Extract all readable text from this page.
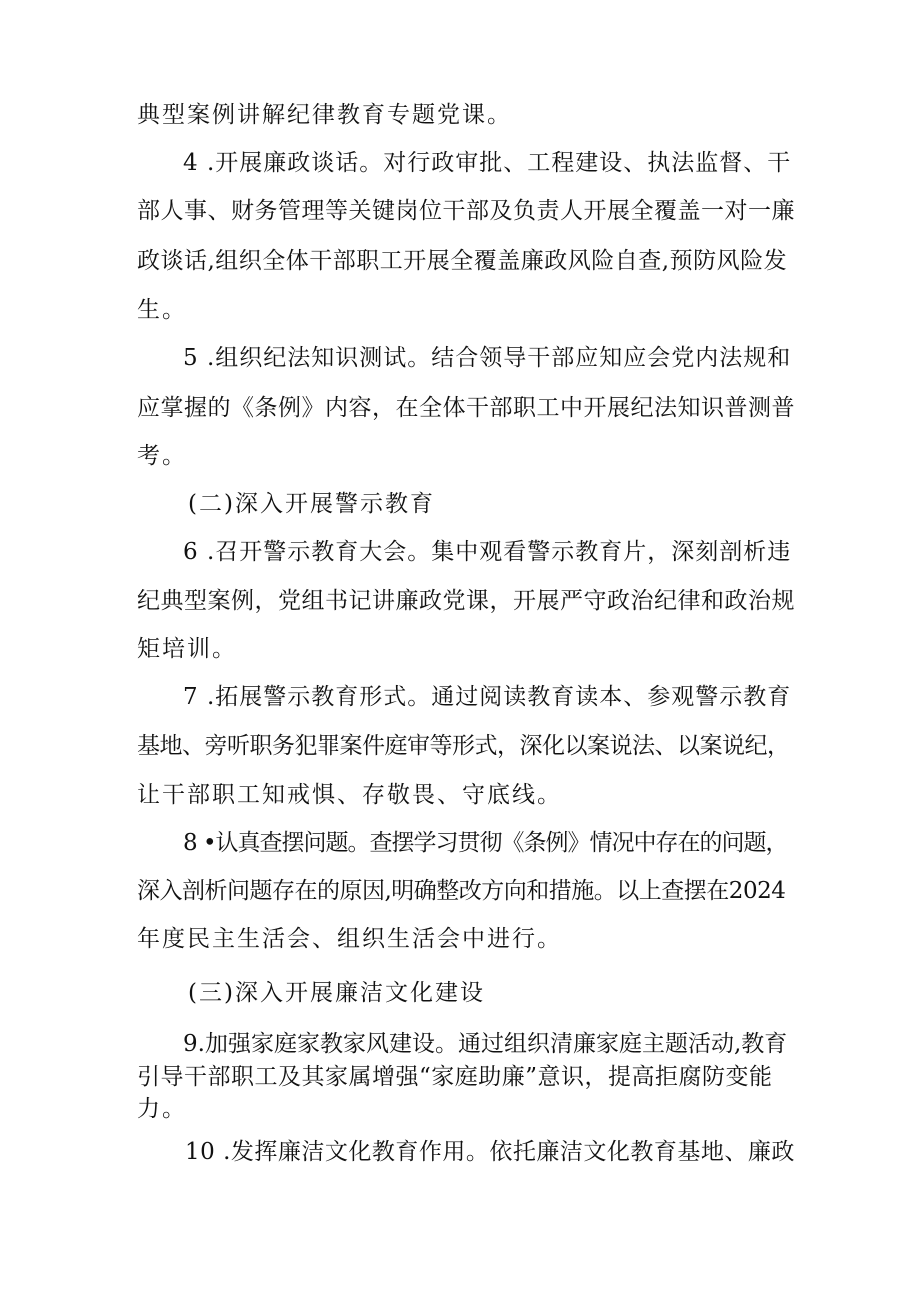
典型案例讲解纪律教育专题党课。
4 .开展廉政谈话。对行政审批、工程建设、执法监督、干
部人事、财务管理等关键岗位干部及负责人开展全覆盖一对一廉
政谈话,组织全体干部职工开展全覆盖廉政风险自查,预防风险发
生。
5 .组织纪法知识测试。结合领导干部应知应会党内法规和
应掌握的《条例》内容，在全体干部职工中开展纪法知识普测普
考。
(二)深入开展警示教育
6 .召开警示教育大会。集中观看警示教育片，深刻剖析违
纪典型案例，党组书记讲廉政党课，开展严守政治纪律和政治规
矩培训。
7 .拓展警示教育形式。通过阅读教育读本、参观警示教育
基地、旁听职务犯罪案件庭审等形式，深化以案说法、以案说纪，
让干部职工知戒惧、存敬畏、守底线。
8 •认真查摆问题。查摆学习贯彻《条例》情况中存在的问题，
深入剖析问题存在的原因,明确整改方向和措施。以上查摆在2024
年度民主生活会、组织生活会中进行。
(三)深入开展廉洁文化建设
9.加强家庭家教家风建设。通过组织清廉家庭主题活动,教育
引导干部职工及其家属增强“家庭助廉”意识，提高拒腐防变能
力。
10 .发挥廉洁文化教育作用。依托廉洁文化教育基地、廉政
